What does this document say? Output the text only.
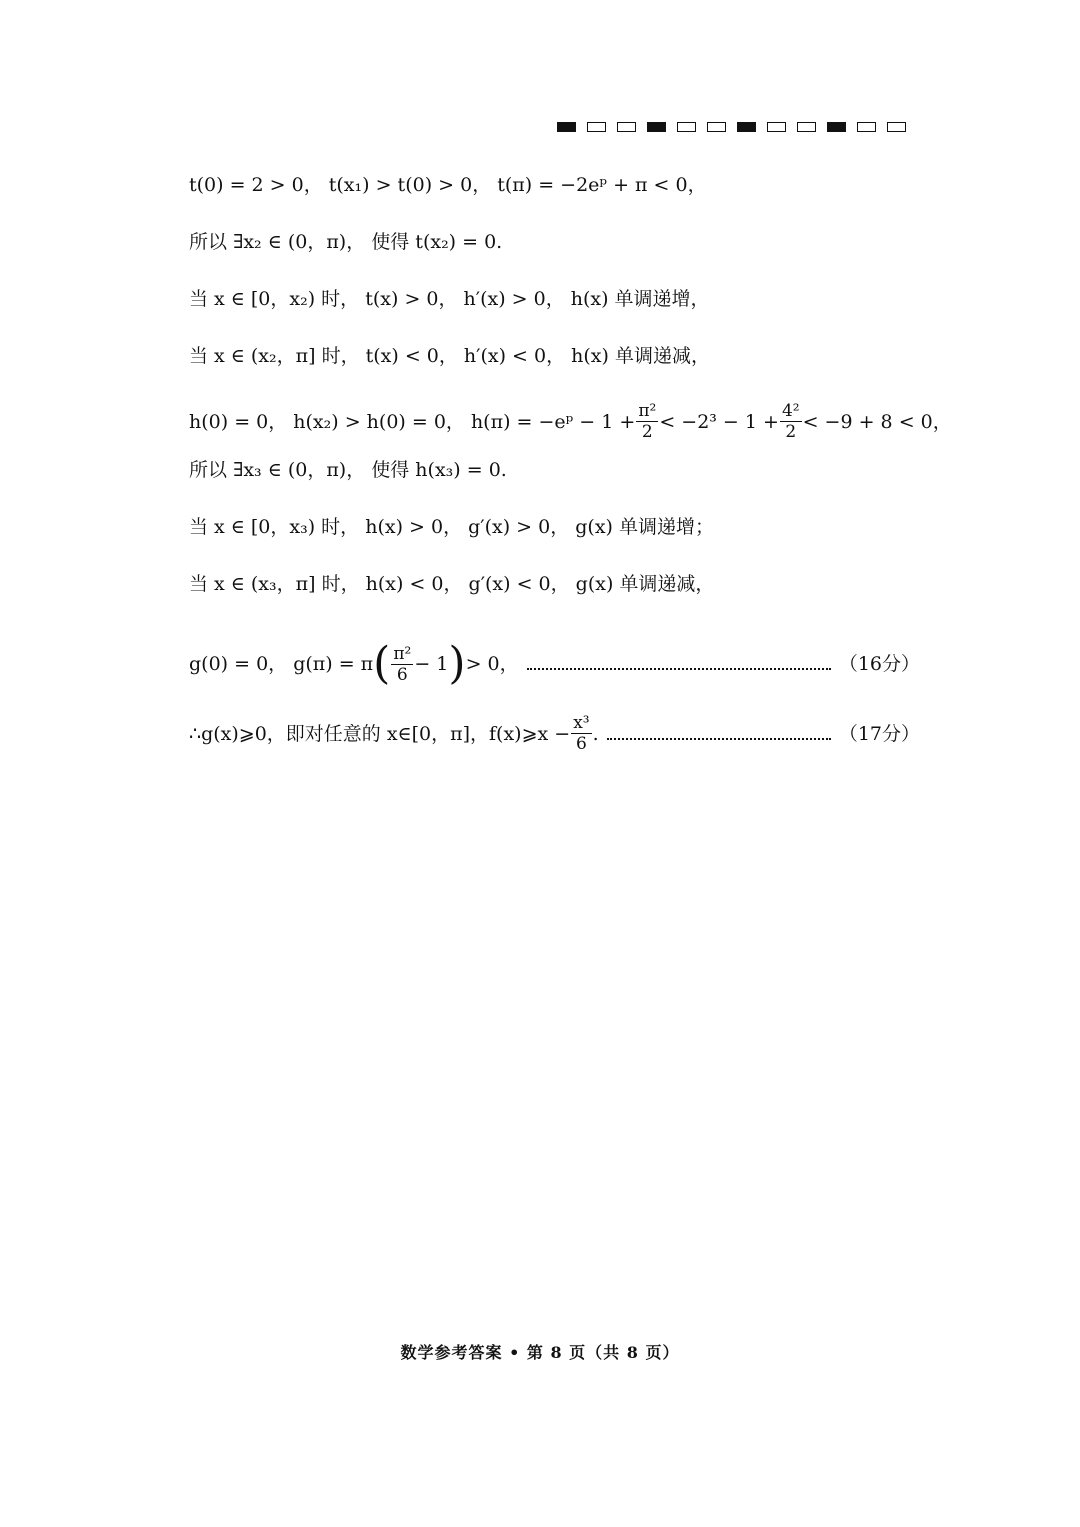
t(0) = 2 > 0， t(x₁) > t(0) > 0， t(π) = −2eᵖ + π < 0，
所以 ∃x₂ ∈ (0，π)， 使得 t(x₂) = 0.
当 x ∈ [0，x₂) 时， t(x) > 0， h′(x) > 0， h(x) 单调递增，
当 x ∈ (x₂，π] 时， t(x) < 0， h′(x) < 0， h(x) 单调递减，
h(0) = 0， h(x₂) > h(0) = 0， h(π) = −eᵖ − $1 + \frac{\text{π²}}{2} < -2^3 - 1 + \frac{\text{4²}}{2} < -9 + 8 < 0$，
所以 ∃x₃ ∈ (0，π)， 使得 h(x₃) = 0.
当 x ∈ [0，x₃) 时， h(x) > 0， g′(x) > 0， g(x) 单调递增；
当 x ∈ (x₃，π] 时， h(x) < 0， g′(x) < 0， g(x) 单调递减，
g(0) = 0， g(π) = π ( $\frac{\text{π²}}{6} - 1$ ) > 0，	（16分）
∴g(x)⩾0，即对任意的 x∈[0，π]，f(x)⩾x − $\frac{\text{x³}}{6}$ .	（17分）
数学参考答案 • 第 8 页（共 8 页）
